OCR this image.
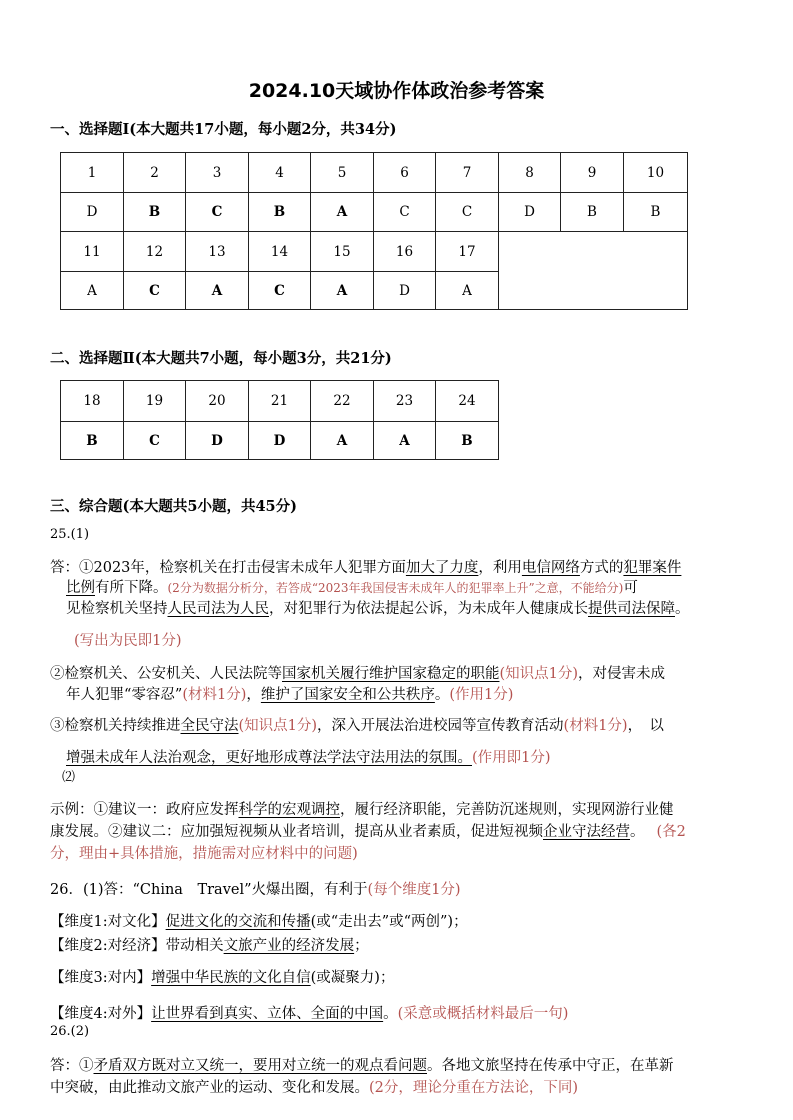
2024.10天域协作体政治参考答案
一、选择题Ⅰ(本大题共17小题，每小题2分，共34分)
1	2	3	4	5	6	7	8	9	10
D	B	C	B	A	C	C	D	B	B
11	12	13	14	15	16	17			
A	C	A	C	A	D	A			
二、选择题Ⅱ(本大题共7小题，每小题3分，共21分)
18	19	20	21	22	23	24
B	C	D	D	A	A	B
三、综合题(本大题共5小题，共45分)
25.(1)
答：①2023年，检察机关在打击侵害未成年人犯罪方面加大了力度，利用电信网络方式的犯罪案件
比例有所下降。(2分为数据分析分，若答成“2023年我国侵害未成年人的犯罪率上升”之意，不能给分)可
见检察机关坚持人民司法为人民，对犯罪行为依法提起公诉，为未成年人健康成长提供司法保障。
(写出为民即1分)
②检察机关、公安机关、人民法院等国家机关履行维护国家稳定的职能(知识点1分)，对侵害未成
年人犯罪“零容忍”(材料1分)，维护了国家安全和公共秩序。(作用1分)
③检察机关持续推进全民守法(知识点1分)，深入开展法治进校园等宣传教育活动(材料1分)，　以
增强未成年人法治观念，更好地形成尊法学法守法用法的氛围。(作用即1分)
⑵
示例：①建议一：政府应发挥科学的宏观调控，履行经济职能，完善防沉迷规则，实现网游行业健
康发展。②建议二：应加强短视频从业者培训，提高从业者素质，促进短视频企业守法经营。 (各2
分，理由+具体措施，措施需对应材料中的问题)
26．(1)答：“China　Travel”火爆出圈，有利于(每个维度1分)
【维度1:对文化】促进文化的交流和传播(或“走出去”或“两创”)；
【维度2:对经济】带动相关文旅产业的经济发展；
【维度3:对内】增强中华民族的文化自信(或凝聚力)；
【维度4:对外】让世界看到真实、立体、全面的中国。(采意或概括材料最后一句)
26.(2)
答：①矛盾双方既对立又统一，要用对立统一的观点看问题。各地文旅坚持在传承中守正，在革新
中突破，由此推动文旅产业的运动、变化和发展。(2分，理论分重在方法论，下同)
